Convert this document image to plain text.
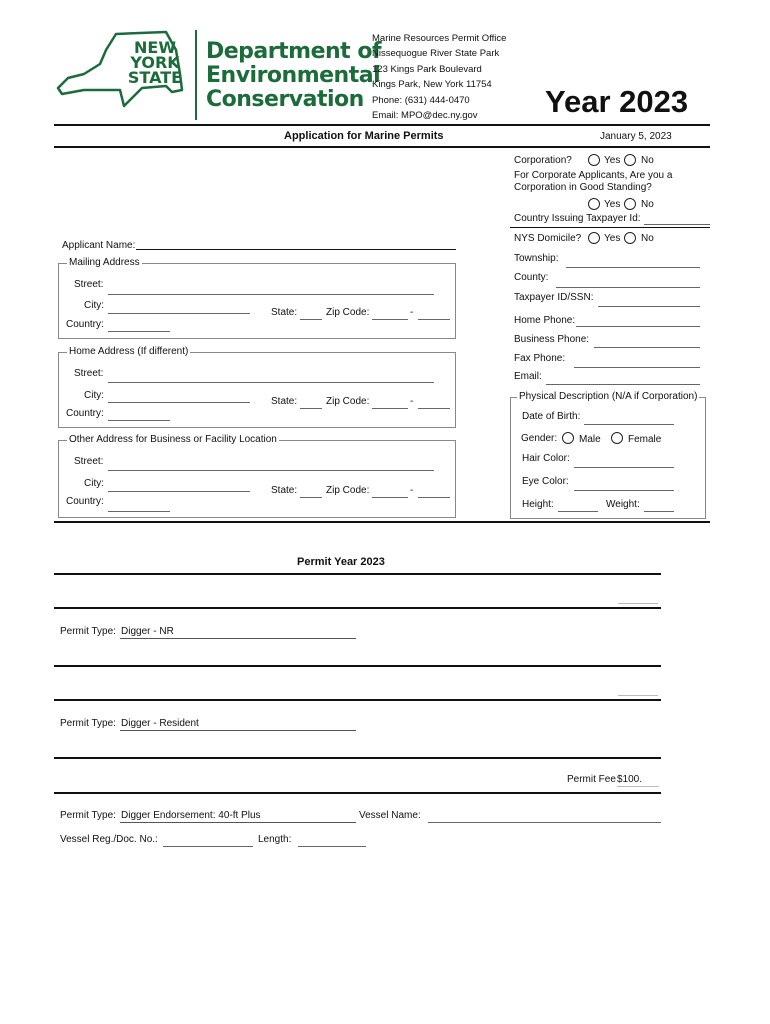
NEW
YORK
STATE
Department of
Environmental
Conservation
Marine Resources Permit Office
Nissequogue River State Park
123 Kings Park Boulevard
Kings Park, New York 11754
Phone: (631) 444-0470
Email: MPO@dec.ny.gov Year 2023
Application for Marine Permits	January 5, 2023
Corporation?	Yes No
For Corporate Applicants, Are you a Corporation in Good Standing?
Yes No
Country Issuing Taxpayer Id:
NYS Domicile? Yes No
Township:
County:
Taxpayer ID/SSN:
Home Phone:
Business Phone:
Fax Phone:
Email:
Physical Description (N/A if Corporation)
Date of Birth:
Gender: Male	Female
Hair Color:
Eye Color:
Height:	Weight:
Applicant Name:
Mailing Address
Street:
City:
State:	Zip Code:	-
Country:
Home Address (If different)
Street:
City:
State:	Zip Code:	-
Country:
Other Address for Business or Facility Location
Street:
City:
State:	Zip Code:	-
Country:
Permit Year 2023
Permit Type: Digger - NR
Permit Type: Digger - Resident
Permit Fee $100.
Permit Type: Digger Endorsement: 40-ft Plus	Vessel Name:
Vessel Reg./Doc. No.:	Length:
